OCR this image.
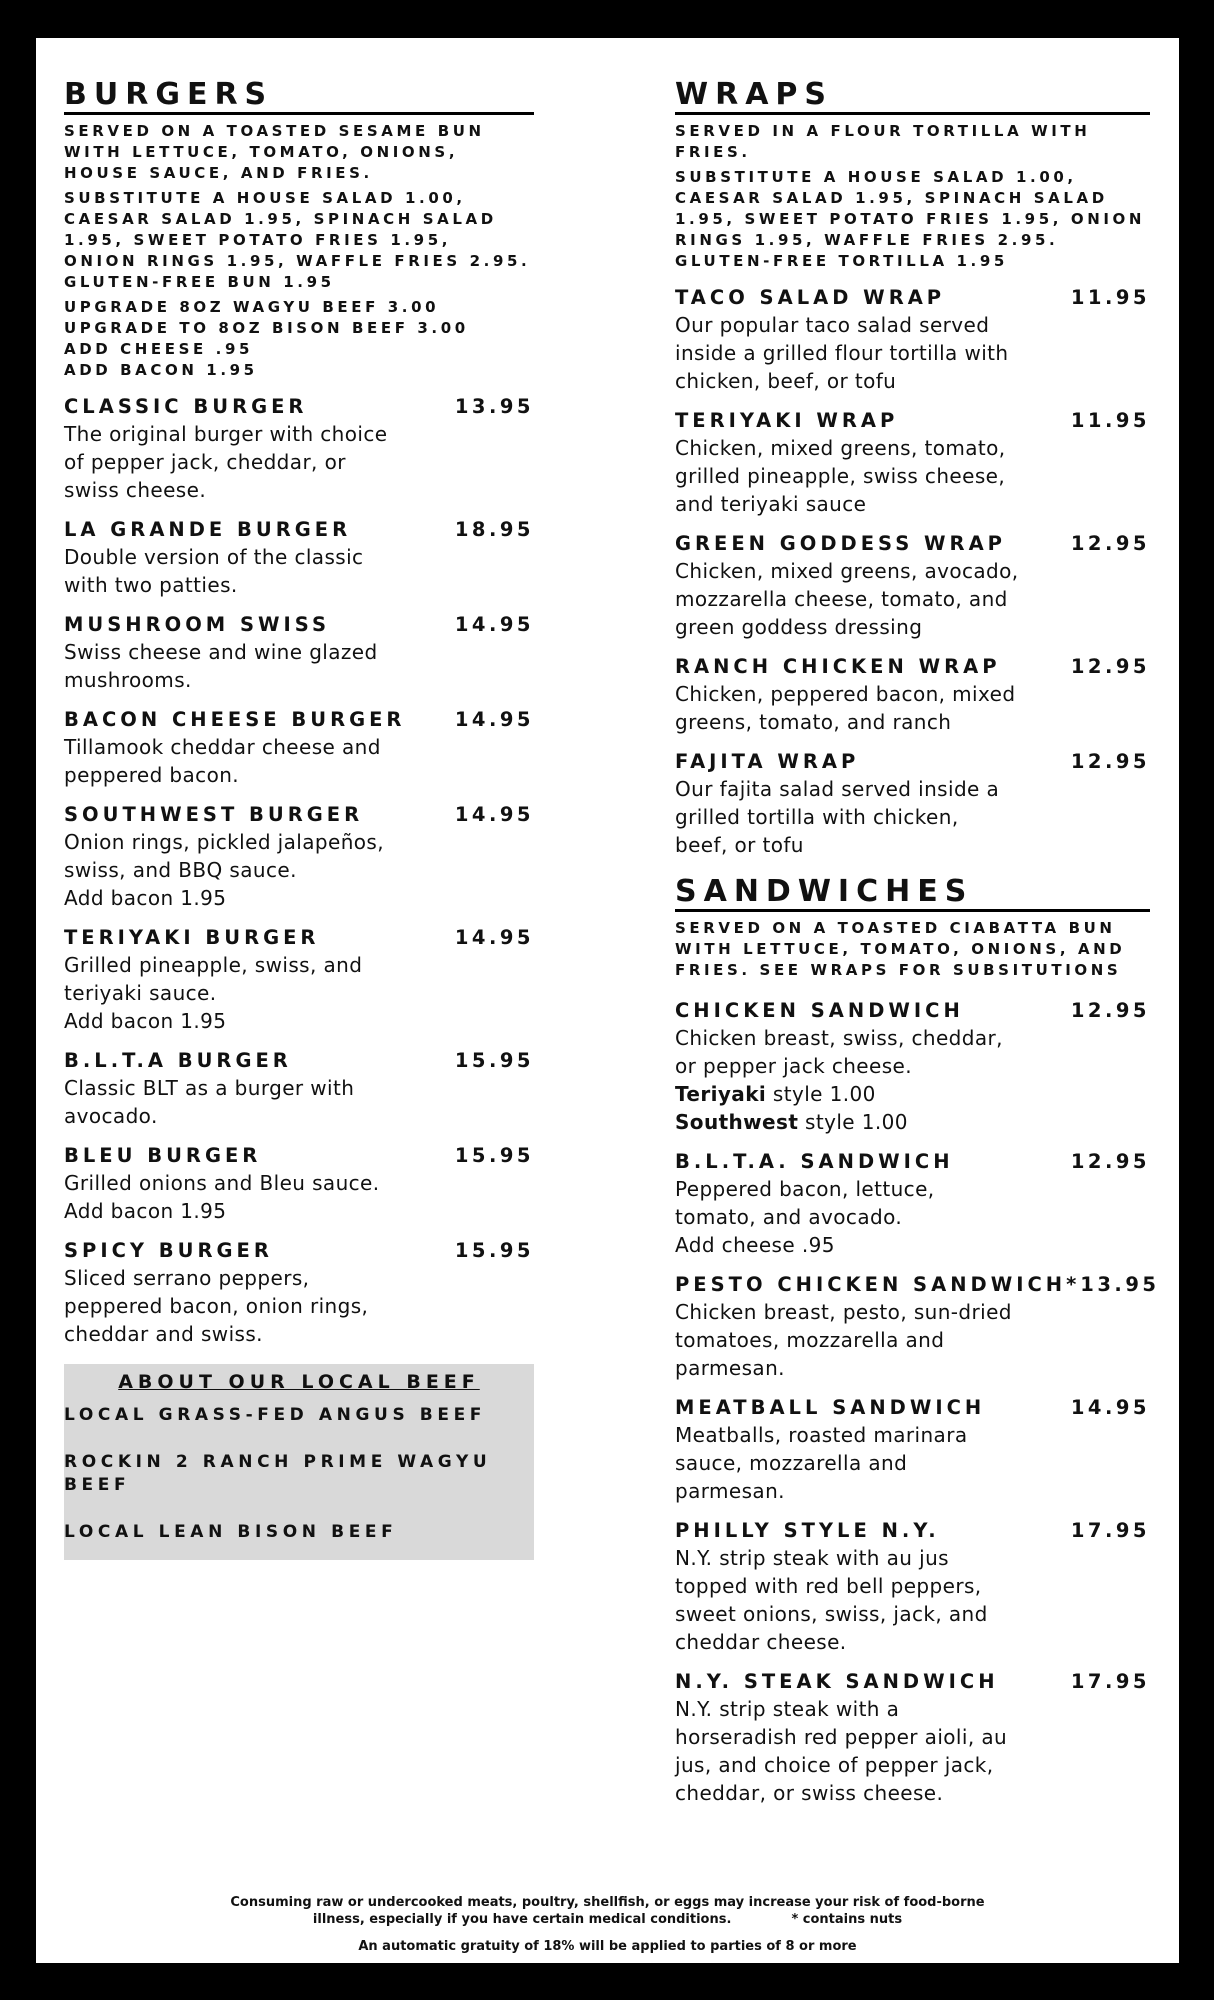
BURGERS

SERVED ON A TOASTED SESAME BUN WITH LETTUCE, TOMATO, ONIONS, HOUSE SAUCE, AND FRIES.

SUBSTITUTE A HOUSE SALAD 1.00, CAESAR SALAD 1.95, SPINACH SALAD 1.95, SWEET POTATO FRIES 1.95, ONION RINGS 1.95, WAFFLE FRIES 2.95.

GLUTEN-FREE BUN 1.95

UPGRADE 8OZ WAGYU BEEF 3.00

UPGRADE TO 8OZ BISON BEEF 3.00

ADD CHEESE .95

ADD BACON 1.95

CLASSIC BURGER	13.95
The original burger with choice
of pepper jack, cheddar, or
swiss cheese.
LA GRANDE BURGER	18.95
Double version of the classic
with two patties.
MUSHROOM SWISS	14.95
Swiss cheese and wine glazed
mushrooms.
BACON CHEESE BURGER	14.95
Tillamook cheddar cheese and
peppered bacon.
SOUTHWEST BURGER	14.95
Onion rings, pickled jalapeños,
swiss, and BBQ sauce.
Add bacon 1.95
TERIYAKI BURGER	14.95
Grilled pineapple, swiss, and
teriyaki sauce.
Add bacon 1.95
B.L.T.A BURGER	15.95
Classic BLT as a burger with
avocado.
BLEU BURGER	15.95
Grilled onions and Bleu sauce.
Add bacon 1.95
SPICY BURGER	15.95
Sliced serrano peppers,
peppered bacon, onion rings,
cheddar and swiss.
ABOUT OUR LOCAL BEEF
LOCAL GRASS-FED ANGUS BEEF
ROCKIN 2 RANCH PRIME WAGYU BEEF
LOCAL LEAN BISON BEEF
WRAPS

SERVED IN A FLOUR TORTILLA WITH FRIES.

SUBSTITUTE A HOUSE SALAD 1.00, CAESAR SALAD 1.95, SPINACH SALAD 1.95, SWEET POTATO FRIES 1.95, ONION RINGS 1.95, WAFFLE FRIES 2.95.

GLUTEN-FREE TORTILLA 1.95

TACO SALAD WRAP	11.95
Our popular taco salad served
inside a grilled flour tortilla with
chicken, beef, or tofu
TERIYAKI WRAP	11.95
Chicken, mixed greens, tomato,
grilled pineapple, swiss cheese,
and teriyaki sauce
GREEN GODDESS WRAP	12.95
Chicken, mixed greens, avocado,
mozzarella cheese, tomato, and
green goddess dressing
RANCH CHICKEN WRAP	12.95
Chicken, peppered bacon, mixed
greens, tomato, and ranch
FAJITA WRAP	12.95
Our fajita salad served inside a
grilled tortilla with chicken,
beef, or tofu
SANDWICHES
SERVED ON A TOASTED CIABATTA BUN WITH LETTUCE, TOMATO, ONIONS, AND FRIES. SEE WRAPS FOR SUBSITUTIONS
CHICKEN SANDWICH	12.95
Chicken breast, swiss, cheddar,
or pepper jack cheese.
Teriyaki style 1.00
Southwest style 1.00
B.L.T.A. SANDWICH	12.95
Peppered bacon, lettuce,
tomato, and avocado.
Add cheese .95
PESTO CHICKEN SANDWICH* 13.95
Chicken breast, pesto, sun-dried
tomatoes, mozzarella and
parmesan.
MEATBALL SANDWICH	14.95
Meatballs, roasted marinara
sauce, mozzarella and
parmesan.
PHILLY STYLE N.Y.	17.95
N.Y. strip steak with au jus
topped with red bell peppers,
sweet onions, swiss, jack, and
cheddar cheese.
N.Y. STEAK SANDWICH	17.95
N.Y. strip steak with a
horseradish red pepper aioli, au
jus, and choice of pepper jack,
cheddar, or swiss cheese.
Consuming raw or undercooked meats, poultry, shellfish, or eggs may increase your risk of food-borne
illness, especially if you have certain medical conditions.	* contains nuts
An automatic gratuity of 18% will be applied to parties of 8 or more
